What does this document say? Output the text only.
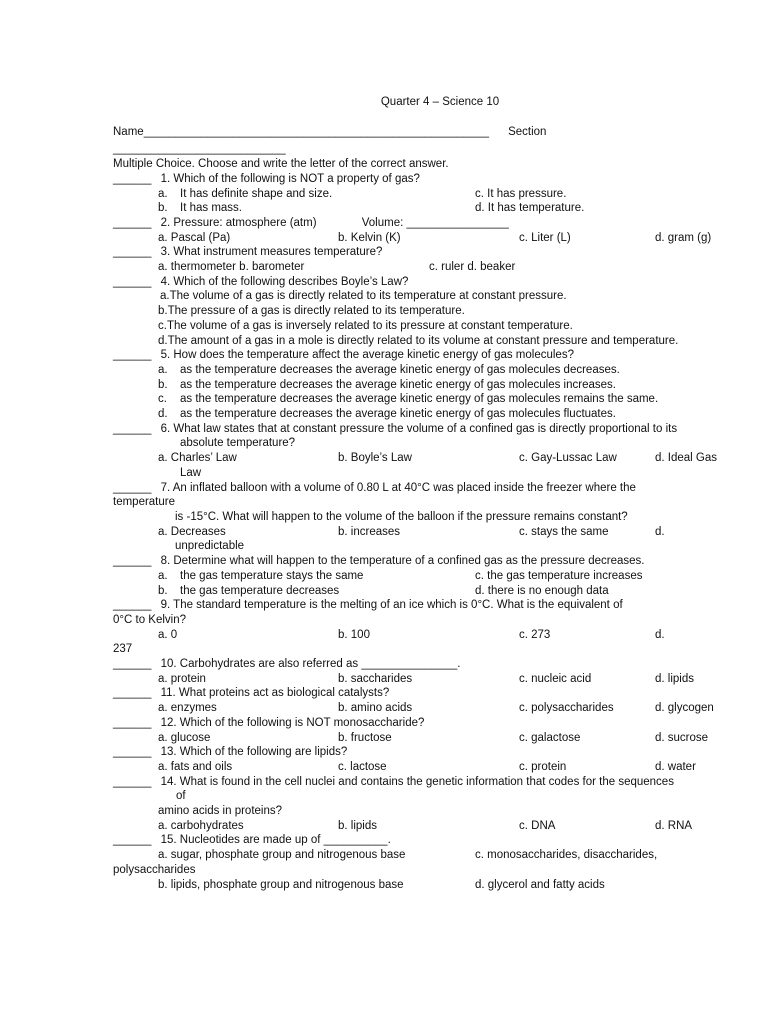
Quarter 4 – Science 10
Name ______________________________________________________ Section
___________________________
Multiple Choice. Choose and write the letter of the correct answer.
______ 1. Which of the following is NOT a property of gas?
a. It has definite shape and size.	c. It has pressure.
b. It has mass.	d. It has temperature.
______ 2. Pressure: atmosphere (atm)	Volume: ________________
a. Pascal (Pa)	b. Kelvin (K)	c. Liter (L)	d. gram (g)
______ 3. What instrument measures temperature?
a. thermometer b. barometer	c. ruler d. beaker
______ 4. Which of the following describes Boyle’s Law?
a.The volume of a gas is directly related to its temperature at constant pressure.
b.The pressure of a gas is directly related to its temperature.
c.The volume of a gas is inversely related to its pressure at constant temperature.
d.The amount of a gas in a mole is directly related to its volume at constant pressure and temperature.
______ 5. How does the temperature affect the average kinetic energy of gas molecules?
a. as the temperature decreases the average kinetic energy of gas molecules decreases.
b. as the temperature decreases the average kinetic energy of gas molecules increases.
c. as the temperature decreases the average kinetic energy of gas molecules remains the same.
d. as the temperature decreases the average kinetic energy of gas molecules fluctuates.
______ 6. What law states that at constant pressure the volume of a confined gas is directly proportional to its
absolute temperature?
a. Charles’ Law	b. Boyle’s Law	c. Gay-Lussac Law	d. Ideal Gas
Law
______ 7. An inflated balloon with a volume of 0.80 L at 40°C was placed inside the freezer where the
temperature
is -15°C. What will happen to the volume of the balloon if the pressure remains constant?
a. Decreases	b. increases	c. stays the same	d.
unpredictable
______ 8. Determine what will happen to the temperature of a confined gas as the pressure decreases.
a. the gas temperature stays the same	c. the gas temperature increases
b. the gas temperature decreases	d. there is no enough data
______ 9. The standard temperature is the melting of an ice which is 0°C. What is the equivalent of
0°C to Kelvin?
a. 0	b. 100	c. 273	d.
237
______ 10. Carbohydrates are also referred as _______________.
a. protein	b. saccharides	c. nucleic acid	d. lipids
______ 11. What proteins act as biological catalysts?
a. enzymes	b. amino acids	c. polysaccharides	d. glycogen
______ 12. Which of the following is NOT monosaccharide?
a. glucose	b. fructose	c. galactose	d. sucrose
______ 13. Which of the following are lipids?
a. fats and oils	c. lactose	c. protein	d. water
______ 14. What is found in the cell nuclei and contains the genetic information that codes for the sequences
of
amino acids in proteins?
a. carbohydrates	b. lipids	c. DNA	d. RNA
______ 15. Nucleotides are made up of __________.
a. sugar, phosphate group and nitrogenous base	c. monosaccharides, disaccharides,
polysaccharides
b. lipids, phosphate group and nitrogenous base	d. glycerol and fatty acids
